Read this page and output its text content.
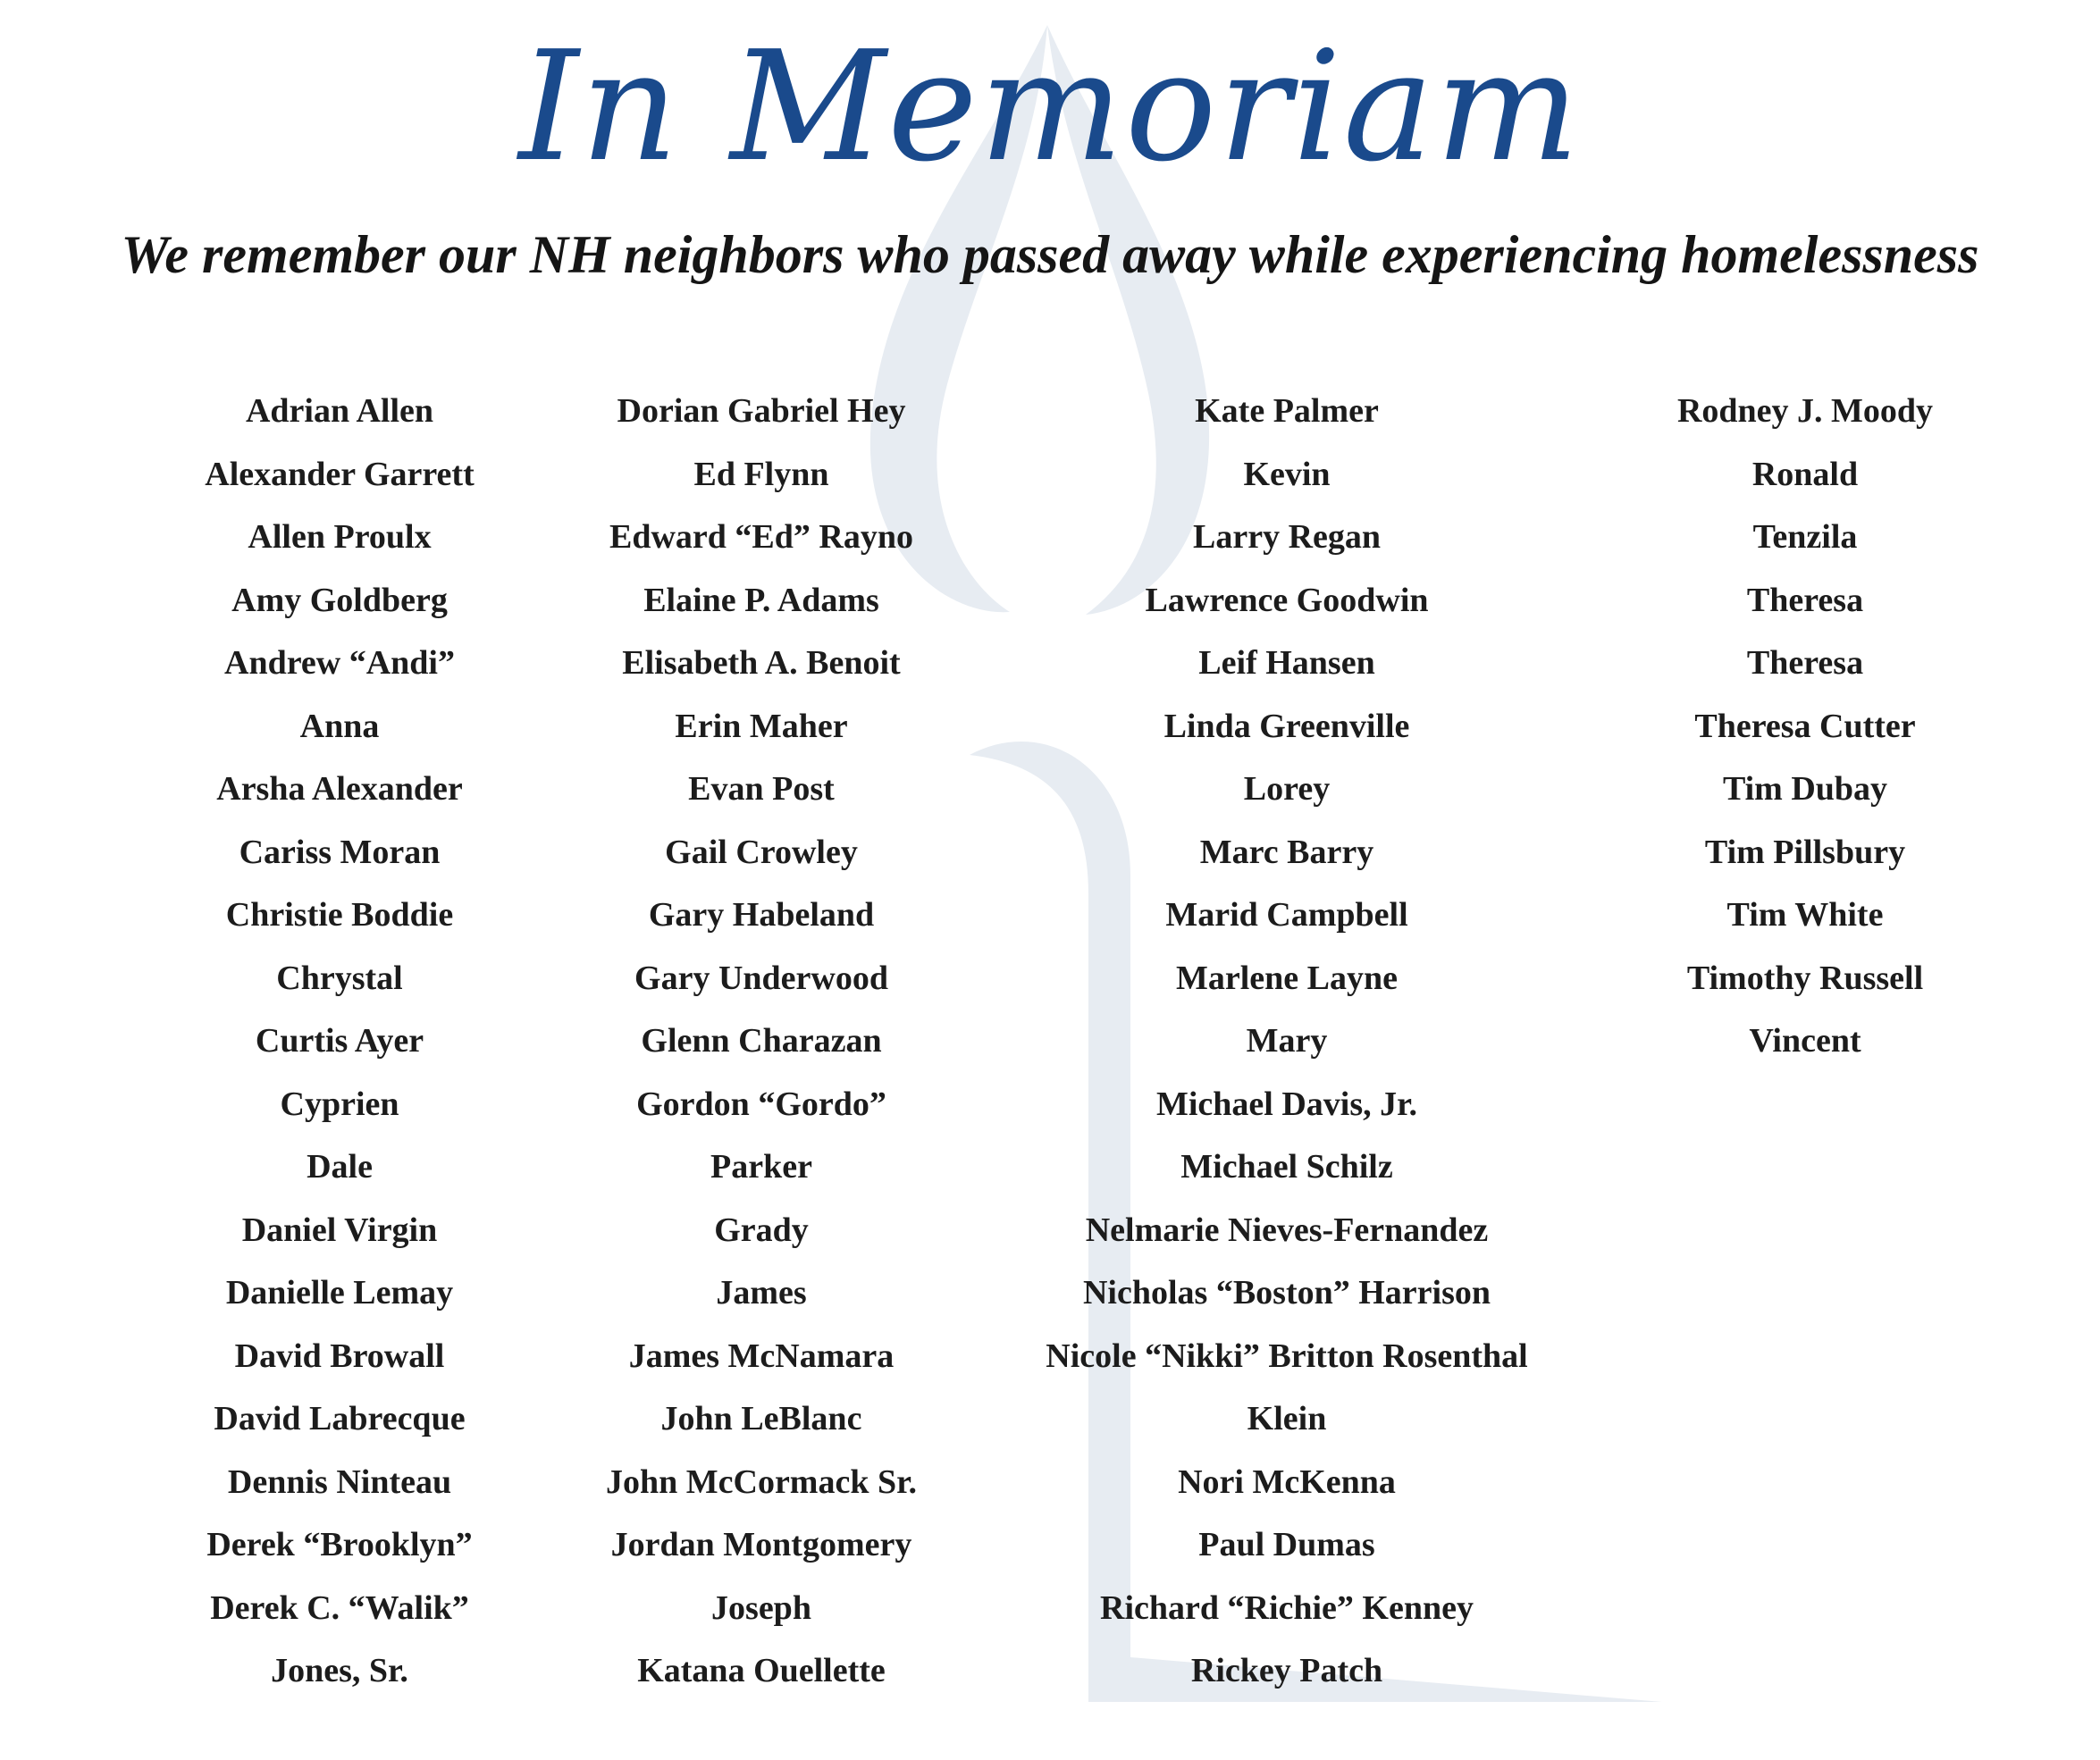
In Memoriam
We remember our NH neighbors who passed away while experiencing homelessness
Adrian Allen
Alexander Garrett
Allen Proulx
Amy Goldberg
Andrew “Andi”
Anna
Arsha Alexander
Cariss Moran
Christie Boddie
Chrystal
Curtis Ayer
Cyprien
Dale
Daniel Virgin
Danielle Lemay
David Browall
David Labrecque
Dennis Ninteau
Derek “Brooklyn”
Derek C. “Walik”
Jones, Sr.
Dorian Gabriel Hey
Ed Flynn
Edward “Ed” Rayno
Elaine P. Adams
Elisabeth A. Benoit
Erin Maher
Evan Post
Gail Crowley
Gary Habeland
Gary Underwood
Glenn Charazan
Gordon “Gordo”
Parker
Grady
James
James McNamara
John LeBlanc
John McCormack Sr.
Jordan Montgomery
Joseph
Katana Ouellette
Kate Palmer
Kevin
Larry Regan
Lawrence Goodwin
Leif Hansen
Linda Greenville
Lorey
Marc Barry
Marid Campbell
Marlene Layne
Mary
Michael Davis, Jr.
Michael Schilz
Nelmarie Nieves-Fernandez
Nicholas “Boston” Harrison
Nicole “Nikki” Britton Rosenthal
Klein
Nori McKenna
Paul Dumas
Richard “Richie” Kenney
Rickey Patch
Rodney J. Moody
Ronald
Tenzila
Theresa
Theresa
Theresa Cutter
Tim Dubay
Tim Pillsbury
Tim White
Timothy Russell
Vincent
